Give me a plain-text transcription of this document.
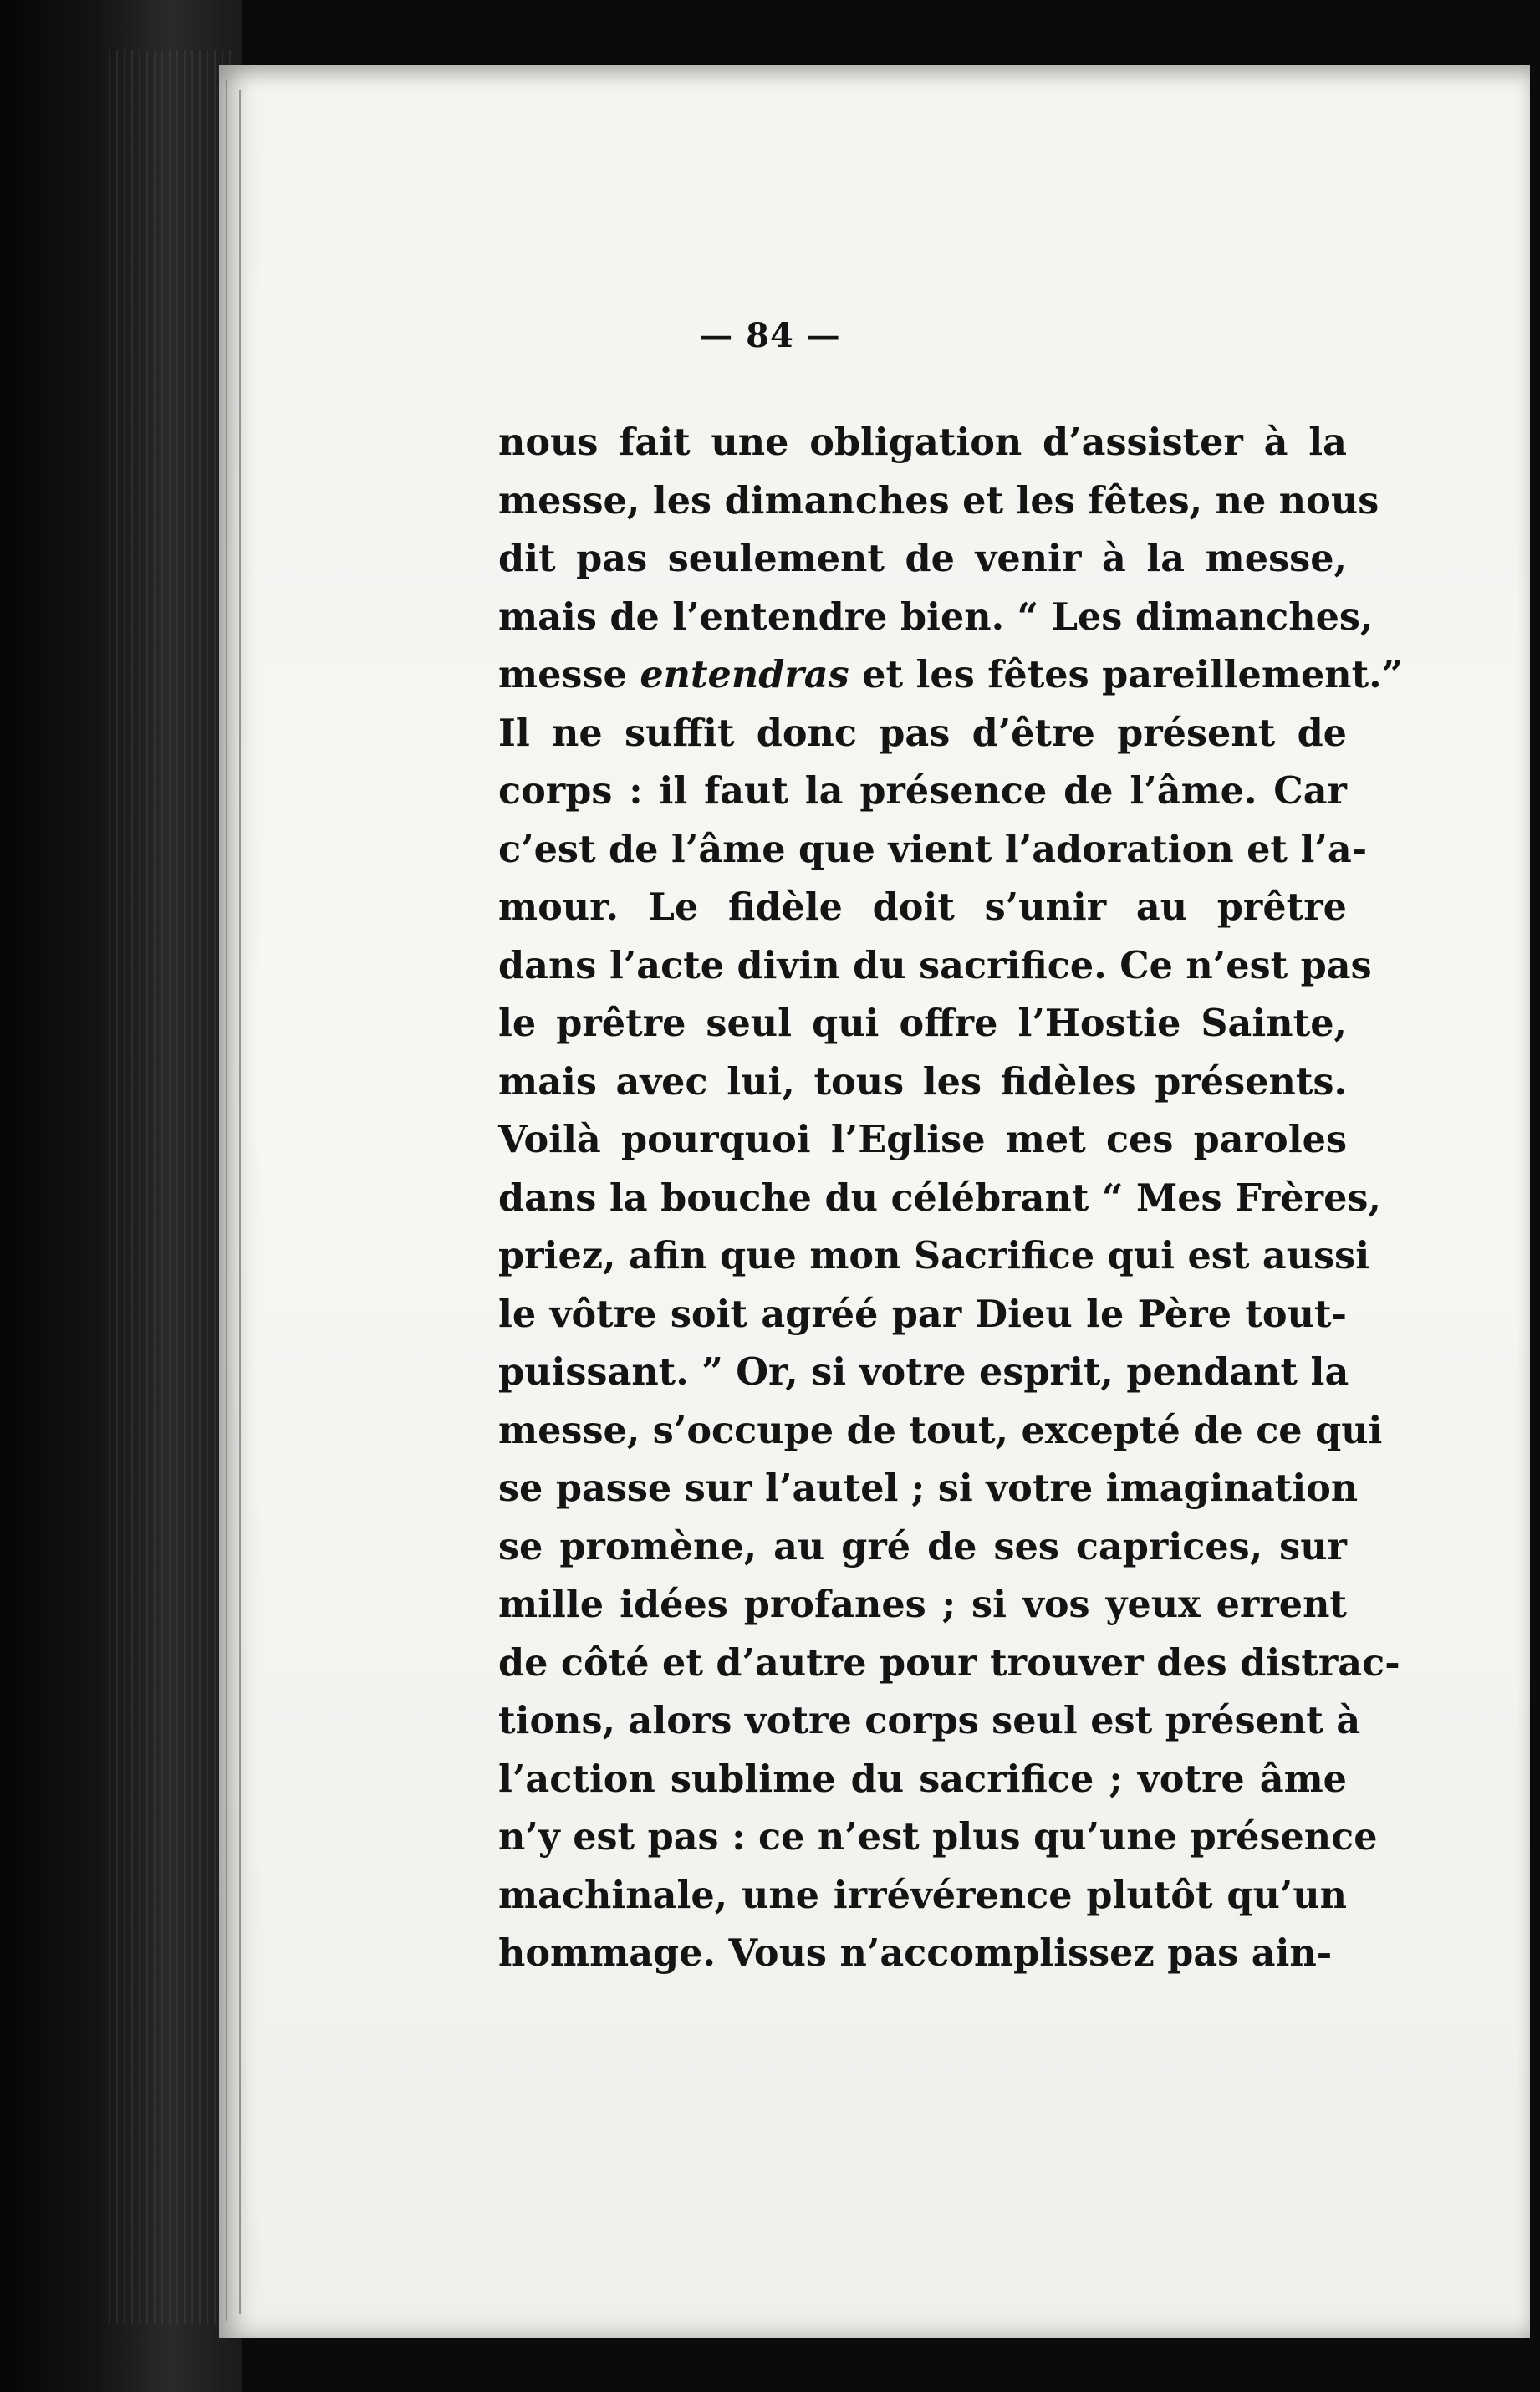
— 84 —
nous fait une obligation d’assister à la
messe, les dimanches et les fêtes, ne nous
dit pas seulement de venir à la messe,
mais de l’entendre bien. “ Les dimanches,
messe entendras et les fêtes pareillement.”
Il ne suffit donc pas d’être présent de
corps : il faut la présence de l’âme. Car
c’est de l’âme que vient l’adoration et l’a-
mour. Le fidèle doit s’unir au prêtre
dans l’acte divin du sacrifice. Ce n’est pas
le prêtre seul qui offre l’Hostie Sainte,
mais avec lui, tous les fidèles présents.
Voilà pourquoi l’Eglise met ces paroles
dans la bouche du célébrant “ Mes Frères,
priez, afin que mon Sacrifice qui est aussi
le vôtre soit agréé par Dieu le Père tout-
puissant. ” Or, si votre esprit, pendant la
messe, s’occupe de tout, excepté de ce qui
se passe sur l’autel ; si votre imagination
se promène, au gré de ses caprices, sur
mille idées profanes ; si vos yeux errent
de côté et d’autre pour trouver des distrac-
tions, alors votre corps seul est présent à
l’action sublime du sacrifice ; votre âme
n’y est pas : ce n’est plus qu’une présence
machinale, une irrévérence plutôt qu’un
hommage. Vous n’accomplissez pas ain-
